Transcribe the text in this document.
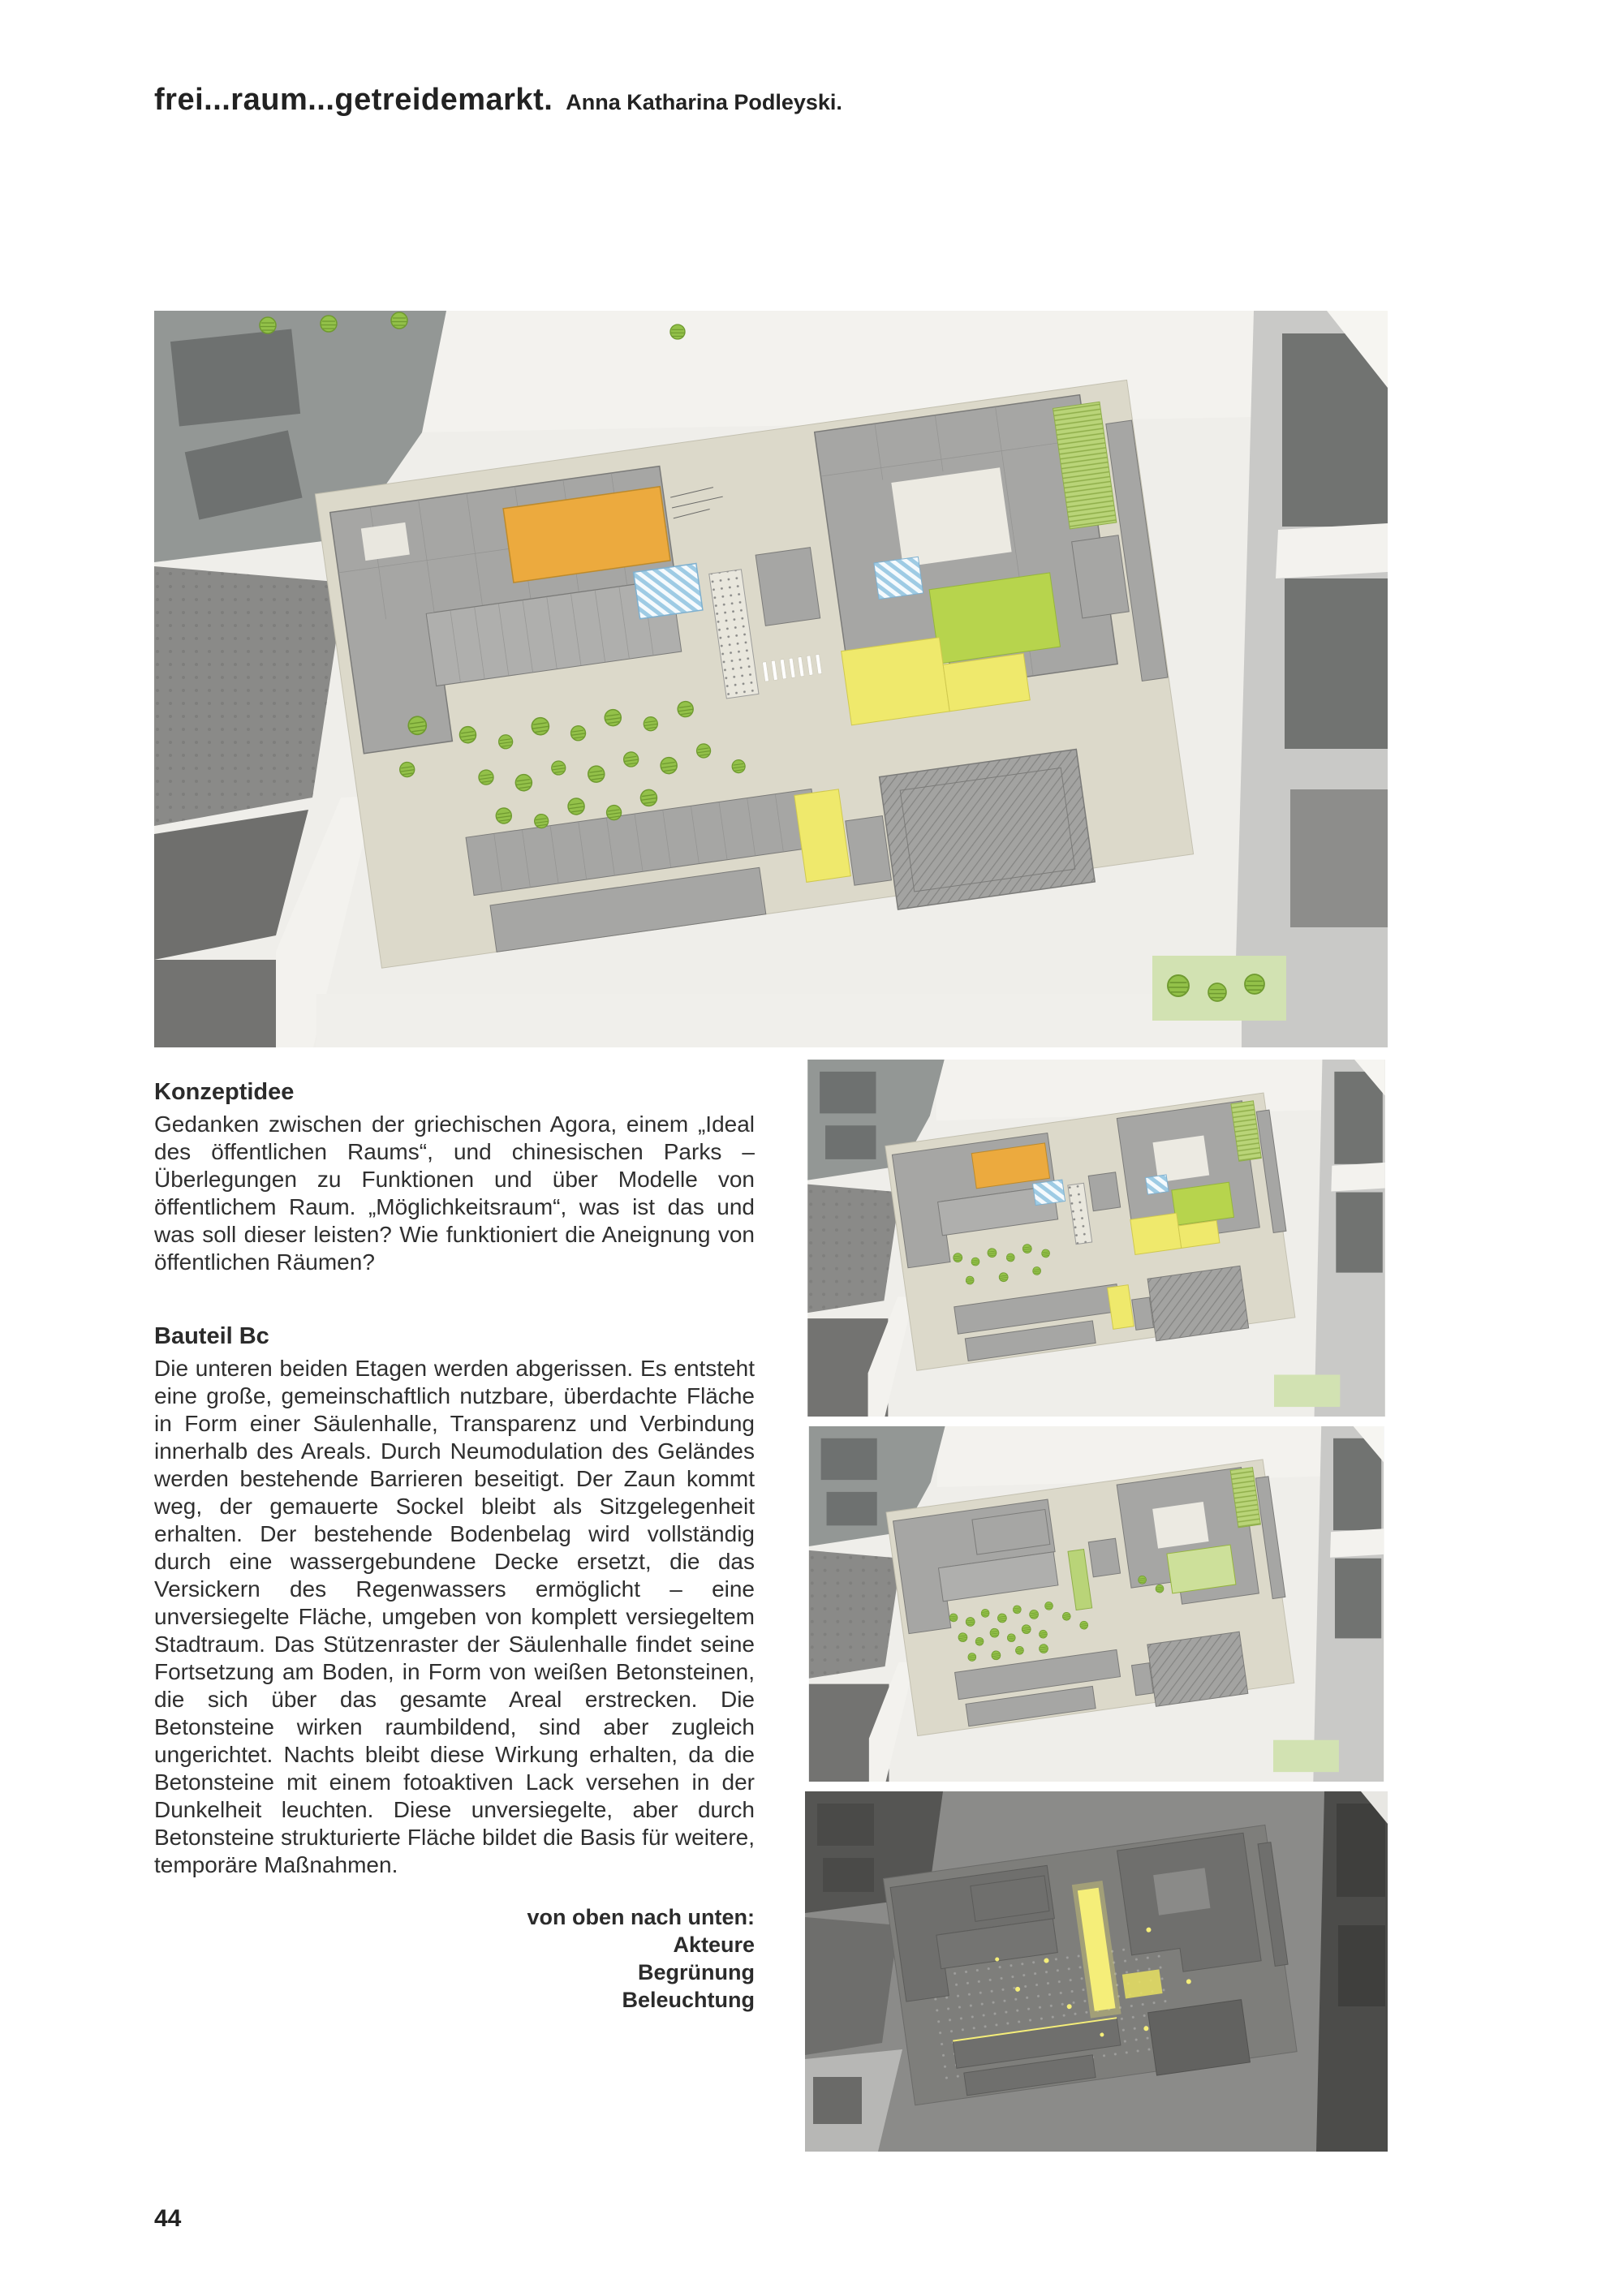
frei...raum...getreidemarkt. Anna Katharina Podleyski.
Konzeptidee

Gedanken zwischen der griechischen Agora, einem „Ideal des öffentlichen Raums“, und chinesischen Parks – Überlegungen zu Funktionen und über Modelle von öffentlichem Raum. „Möglichkeitsraum“, was ist das und was soll dieser leisten? Wie funktioniert die Aneignung von öffentlichen Räumen?

Bauteil Bc

Die unteren beiden Etagen werden abgerissen. Es entsteht eine große, gemeinschaftlich nutzbare, überdachte Fläche in Form einer Säulenhalle, Transparenz und Verbindung innerhalb des Areals. Durch Neumodulation des Geländes werden bestehende Barrieren beseitigt. Der Zaun kommt weg, der gemauerte Sockel bleibt als Sitzgelegenheit erhalten. Der bestehende Bodenbelag wird vollständig durch eine wassergebundene Decke ersetzt, die das Versickern des Regenwassers ermöglicht – eine unversiegelte Fläche, umgeben von komplett versiegeltem Stadtraum. Das Stützenraster der Säulenhalle findet seine Fortsetzung am Boden, in Form von weißen Betonsteinen, die sich über das gesamte Areal erstrecken. Die Betonsteine wirken raumbildend, sind aber zugleich ungerichtet. Nachts bleibt diese Wirkung erhalten, da die Betonsteine mit einem fotoaktiven Lack versehen in der Dunkelheit leuchten. Diese unversiegelte, aber durch Betonsteine strukturierte Fläche bildet die Basis für weitere, temporäre Maßnahmen.

von oben nach unten:
Akteure
Begrünung
Beleuchtung
44
